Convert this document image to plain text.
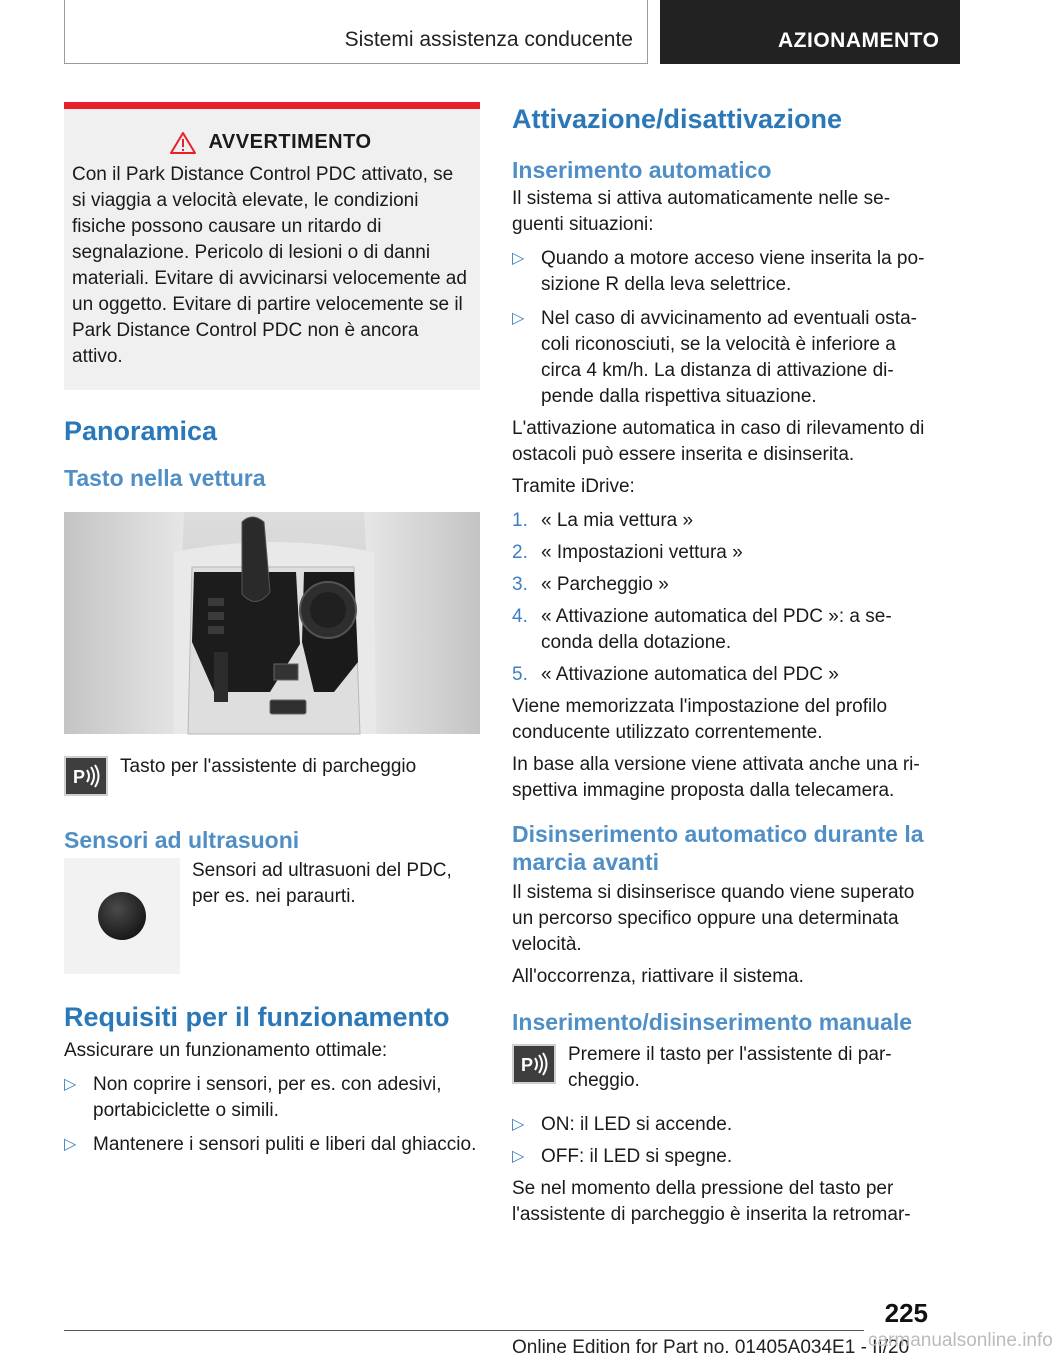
Sistemi assistenza conducente	AZIONAMENTO
AVVERTIMENTO

Con il Park Distance Control PDC attivato, se si viaggia a velocità elevate, le condizioni fisiche possono causare un ritardo di segnalazione. Pericolo di lesioni o di danni materiali. Evitare di avvicinarsi velocemente ad un oggetto. Evitare di partire velocemente se il Park Distance Control PDC non è ancora attivo.

Panoramica
Tasto nella vettura
P Tasto per l'assistente di parcheggio

Sensori ad ultrasuoni

Sensori ad ultrasuoni del PDC, per es. nei paraurti.

Requisiti per il funzionamento

Assicurare un funzionamento ottimale:

▷ Non coprire i sensori, per es. con adesivi, portabiciclette o simili.
▷ Mantenere i sensori puliti e liberi dal ghiaccio.
Attivazione/disattivazione
Inserimento automatico

Il sistema si attiva automaticamente nelle seguenti situazioni:

▷ Quando a motore acceso viene inserita la posizione R della leva selettrice.
▷ Nel caso di avvicinamento ad eventuali ostacoli riconosciuti, se la velocità è inferiore a circa 4 km/h. La distanza di attivazione dipende dalla rispettiva situazione.

L'attivazione automatica in caso di rilevamento di ostacoli può essere inserita e disinserita.

Tramite iDrive:

1. « La mia vettura »
2. « Impostazioni vettura »
3. « Parcheggio »
4. « Attivazione automatica del PDC »: a seconda della dotazione.
5. « Attivazione automatica del PDC »

Viene memorizzata l'impostazione del profilo conducente utilizzato correntemente.

In base alla versione viene attivata anche una rispettiva immagine proposta dalla telecamera.

Disinserimento automatico durante la marcia avanti

Il sistema si disinserisce quando viene superato un percorso specifico oppure una determinata velocità.

All'occorrenza, riattivare il sistema.

Inserimento/disinserimento manuale
P Premere il tasto per l'assistente di parcheggio.

▷ ON: il LED si accende.
▷ OFF: il LED si spegne.

Se nel momento della pressione del tasto per l'assistente di parcheggio è inserita la retromar-

225
Online Edition for Part no. 01405A034E1 - II/20
carmanualsonline.info
